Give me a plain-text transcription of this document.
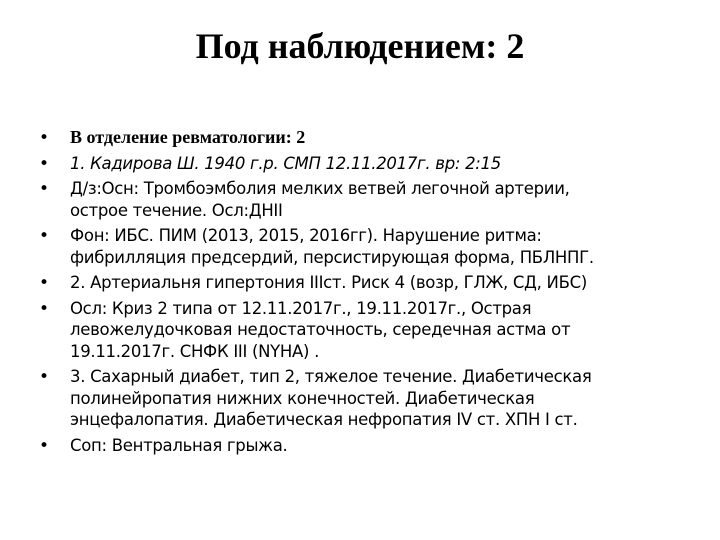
Под наблюдением: 2
• В отделение ревматологии: 2
• 1. Кадирова Ш. 1940 г.р. СМП 12.11.2017г. вр: 2:15
• Д/з:Осн: Тромбоэмболия мелких ветвей легочной артерии,
острое течение. Осл:ДНII
• Фон: ИБС. ПИМ (2013, 2015, 2016гг). Нарушение ритма:
фибрилляция предсердий, персистирующая форма, ПБЛНПГ.
• 2. Артериальня гипертония IIIст. Риск 4 (возр, ГЛЖ, СД, ИБС)
• Осл: Криз 2 типа от 12.11.2017г., 19.11.2017г., Острая
левожелудочковая недостаточность, середечная астма от
19.11.2017г. СНФК III (NYHA) .
• 3. Сахарный диабет, тип 2, тяжелое течение. Диабетическая
полинейропатия нижних конечностей. Диабетическая
энцефалопатия. Диабетическая нефропатия IV ст. ХПН I ст.
• Соп: Вентральная грыжа.
